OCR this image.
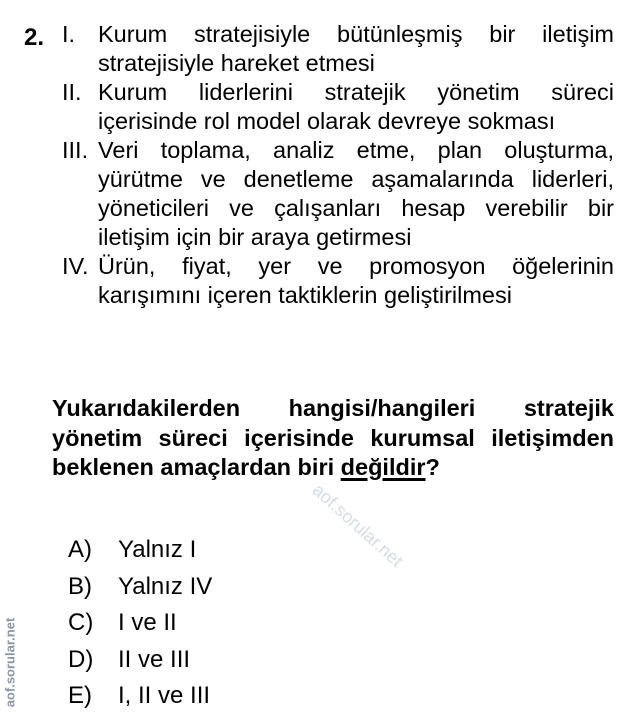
2. I. Kurum stratejisiyle bütünleşmiş bir iletişim stratejisiyle hareket etmesi
II. Kurum liderlerini stratejik yönetim süreci içerisinde rol model olarak devreye sokması
III. Veri toplama, analiz etme, plan oluşturma, yürütme ve denetleme aşamalarında liderleri, yöneticileri ve çalışanları hesap verebilir bir iletişim için bir araya getirmesi
IV. Ürün, fiyat, yer ve promosyon öğelerinin karışımını içeren taktiklerin geliştirilmesi
Yukarıdakilerden hangisi/hangileri stratejik yönetim süreci içerisinde kurumsal iletişimden beklenen amaçlardan biri değildir?
A)	Yalnız I
B)	Yalnız IV
C)	I ve II
D)	II ve III
E)	I, II ve III
aof.sorular.net
aof.sorular.net
